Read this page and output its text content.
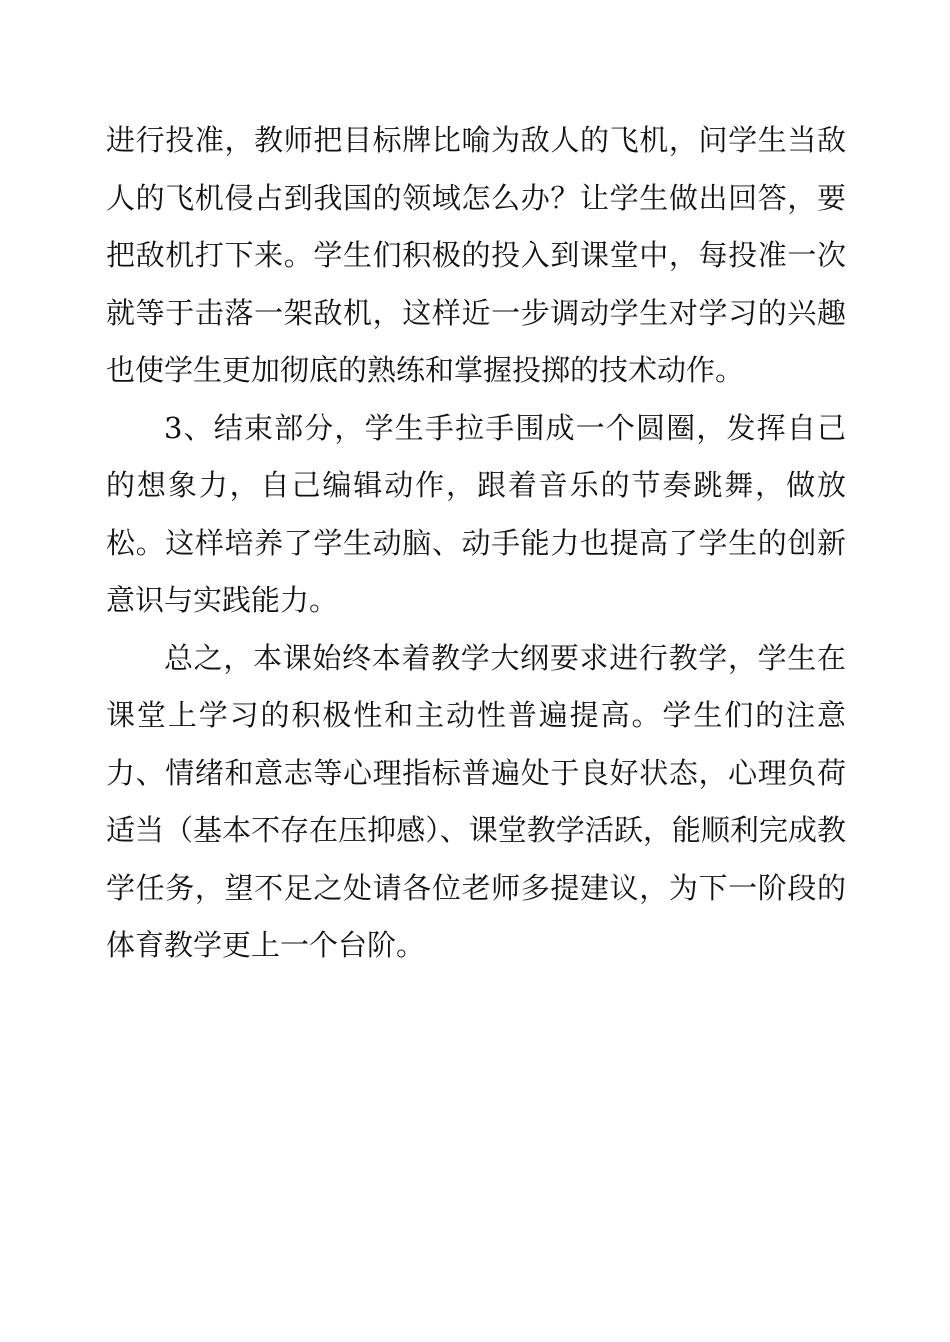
进行投准，教师把目标牌比喻为敌人的飞机，问学生当敌人的飞机侵占到我国的领域怎么办？让学生做出回答，要把敌机打下来。学生们积极的投入到课堂中，每投准一次就等于击落一架敌机，这样近一步调动学生对学习的兴趣也使学生更加彻底的熟练和掌握投掷的技术动作。

3、结束部分，学生手拉手围成一个圆圈，发挥自己的想象力，自己编辑动作，跟着音乐的节奏跳舞，做放松。这样培养了学生动脑、动手能力也提高了学生的创新意识与实践能力。

总之，本课始终本着教学大纲要求进行教学，学生在课堂上学习的积极性和主动性普遍提高。学生们的注意力、情绪和意志等心理指标普遍处于良好状态，心理负荷适当（基本不存在压抑感）、课堂教学活跃，能顺利完成教学任务，望不足之处请各位老师多提建议，为下一阶段的体育教学更上一个台阶。
